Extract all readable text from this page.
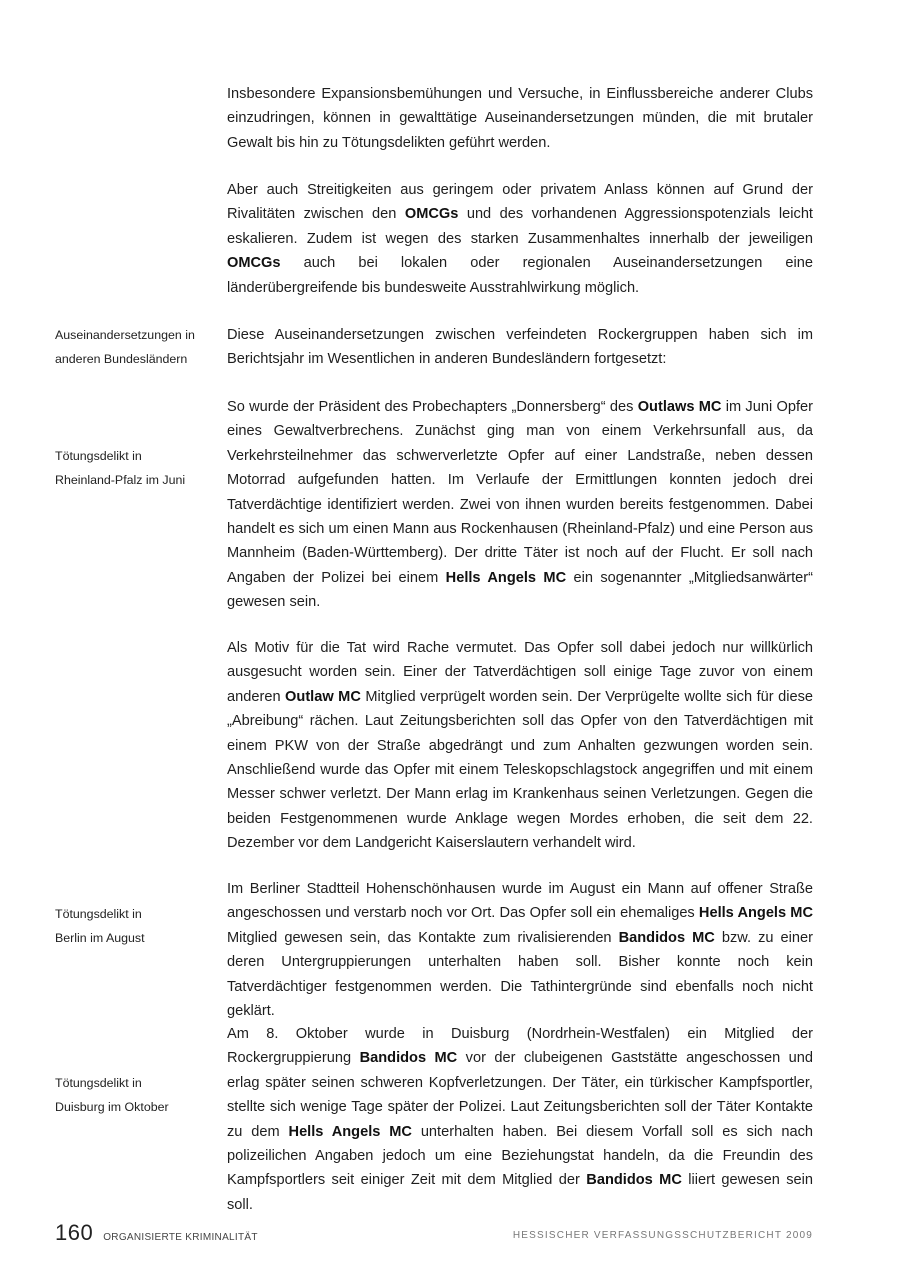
Insbesondere Expansionsbemühungen und Versuche, in Einflussbereiche anderer Clubs einzudringen, können in gewalttätige Auseinandersetzungen münden, die mit brutaler Gewalt bis hin zu Tötungsdelikten geführt werden.
Aber auch Streitigkeiten aus geringem oder privatem Anlass können auf Grund der Rivalitäten zwischen den OMCGs und des vorhandenen Aggressionspotenzials leicht eskalieren. Zudem ist wegen des starken Zusammenhaltes innerhalb der jeweiligen OMCGs auch bei lokalen oder regionalen Auseinandersetzungen eine länderübergreifende bis bundesweite Ausstrahlwirkung möglich.
Diese Auseinandersetzungen zwischen verfeindeten Rockergruppen haben sich im Berichtsjahr im Wesentlichen in anderen Bundesländern fortgesetzt:
So wurde der Präsident des Probechapters „Donnersberg“ des Outlaws MC im Juni Opfer eines Gewaltverbrechens. Zunächst ging man von einem Verkehrsunfall aus, da Verkehrsteilnehmer das schwerverletzte Opfer auf einer Landstraße, neben dessen Motorrad aufgefunden hatten. Im Verlaufe der Ermittlungen konnten jedoch drei Tatverdächtige identifiziert werden. Zwei von ihnen wurden bereits festgenommen. Dabei handelt es sich um einen Mann aus Rockenhausen (Rheinland-Pfalz) und eine Person aus Mannheim (Baden-Württemberg). Der dritte Täter ist noch auf der Flucht. Er soll nach Angaben der Polizei bei einem Hells Angels MC ein sogenannter „Mitgliedsanwärter“ gewesen sein.
Als Motiv für die Tat wird Rache vermutet. Das Opfer soll dabei jedoch nur willkürlich ausgesucht worden sein. Einer der Tatverdächtigen soll einige Tage zuvor von einem anderen Outlaw MC Mitglied verprügelt worden sein. Der Verprügelte wollte sich für diese „Abreibung“ rächen. Laut Zeitungsberichten soll das Opfer von den Tatverdächtigen mit einem PKW von der Straße abgedrängt und zum Anhalten gezwungen worden sein. Anschließend wurde das Opfer mit einem Teleskopschlagstock angegriffen und mit einem Messer schwer verletzt. Der Mann erlag im Krankenhaus seinen Verletzungen. Gegen die beiden Festgenommenen wurde Anklage wegen Mordes erhoben, die seit dem 22. Dezember vor dem Landgericht Kaiserslautern verhandelt wird.
Im Berliner Stadtteil Hohenschönhausen wurde im August ein Mann auf offener Straße angeschossen und verstarb noch vor Ort. Das Opfer soll ein ehemaliges Hells Angels MC Mitglied gewesen sein, das Kontakte zum rivalisierenden Bandidos MC bzw. zu einer deren Untergruppierungen unterhalten haben soll. Bisher konnte noch kein Tatverdächtiger festgenommen werden. Die Tathintergründe sind ebenfalls noch nicht geklärt.
Am 8. Oktober wurde in Duisburg (Nordrhein-Westfalen) ein Mitglied der Rockergruppierung Bandidos MC vor der clubeigenen Gaststätte angeschossen und erlag später seinen schweren Kopfverletzungen. Der Täter, ein türkischer Kampfsportler, stellte sich wenige Tage später der Polizei. Laut Zeitungsberichten soll der Täter Kontakte zu dem Hells Angels MC unterhalten haben. Bei diesem Vorfall soll es sich nach polizeilichen Angaben jedoch um eine Beziehungstat handeln, da die Freundin des Kampfsportlers seit einiger Zeit mit dem Mitglied der Bandidos MC liiert gewesen sein soll.
Auseinandersetzungen in
anderen Bundesländern
Tötungsdelikt in
Rheinland-Pfalz im Juni
Tötungsdelikt in
Berlin im August
Tötungsdelikt in
Duisburg im Oktober
160 ORGANISIERTE KRIMINALITÄT	HESSISCHER VERFASSUNGSSCHUTZBERICHT 2009
